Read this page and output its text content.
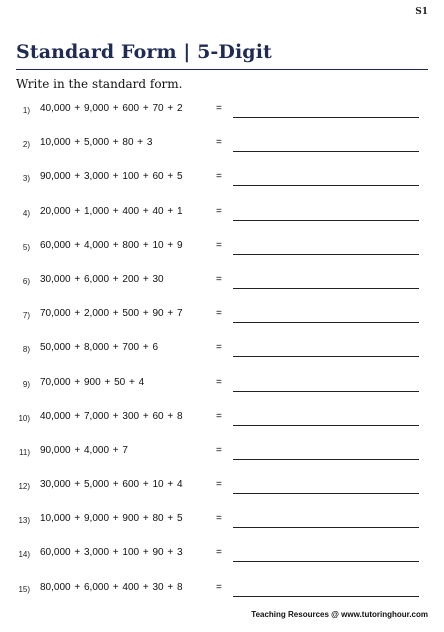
S1
Standard Form | 5-Digit
Write in the standard form.
1) 40,000 + 9,000 + 600 + 70 + 2	=
2) 10,000 + 5,000 + 80 + 3	=
3) 90,000 + 3,000 + 100 + 60 + 5	=
4) 20,000 + 1,000 + 400 + 40 + 1	=
5) 60,000 + 4,000 + 800 + 10 + 9	=
6) 30,000 + 6,000 + 200 + 30	=
7) 70,000 + 2,000 + 500 + 90 + 7	=
8) 50,000 + 8,000 + 700 + 6	=
9) 70,000 + 900 + 50 + 4	=
10) 40,000 + 7,000 + 300 + 60 + 8	=
11) 90,000 + 4,000 + 7	=
12) 30,000 + 5,000 + 600 + 10 + 4	=
13) 10,000 + 9,000 + 900 + 80 + 5	=
14) 60,000 + 3,000 + 100 + 90 + 3	=
15) 80,000 + 6,000 + 400 + 30 + 8	=
Teaching Resources @ www.tutoringhour.com
